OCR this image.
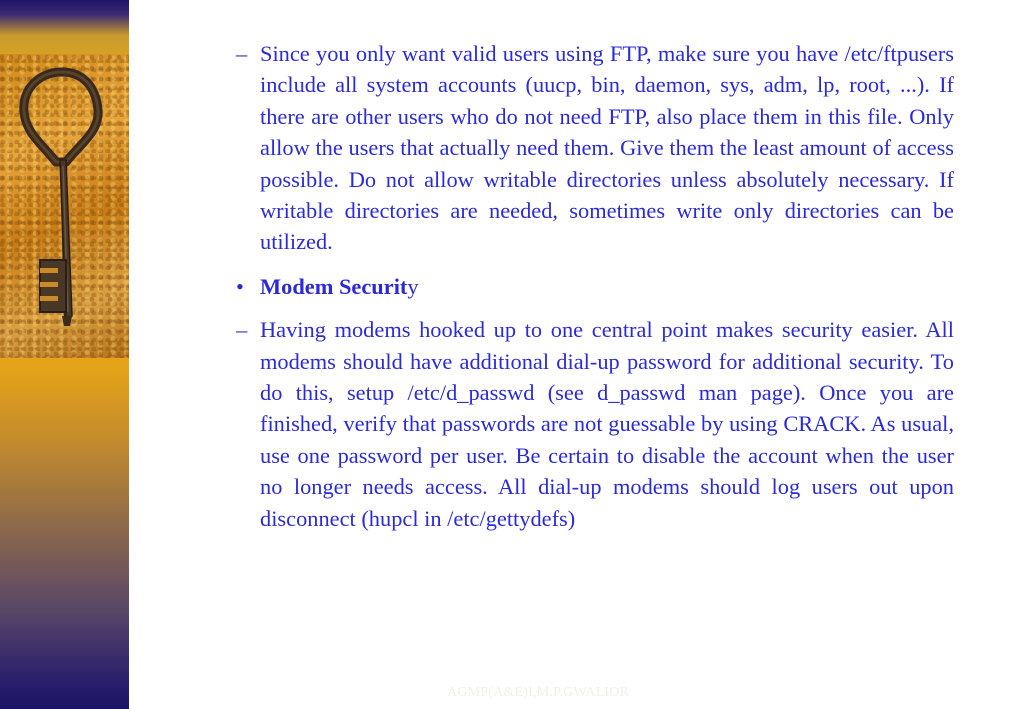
– Since you only want valid users using FTP, make sure you have /etc/ftpusers include all system accounts (uucp, bin, daemon, sys, adm, lp, root, ...). If there are other users who do not need FTP, also place them in this file. Only allow the users that actually need them. Give them the least amount of access possible. Do not allow writable directories unless absolutely necessary. If writable directories are needed, sometimes write only directories can be utilized.
• Modem Security
– Having modems hooked up to one central point makes security easier. All modems should have additional dial-up password for additional security. To do this, setup /etc/d_passwd (see d_passwd man page). Once you are finished, verify that passwords are not guessable by using CRACK. As usual, use one password per user. Be certain to disable the account when the user no longer needs access. All dial-up modems should log users out upon disconnect (hupcl in /etc/gettydefs)
AGMP(A&E)I,M.P.GWALIOR
